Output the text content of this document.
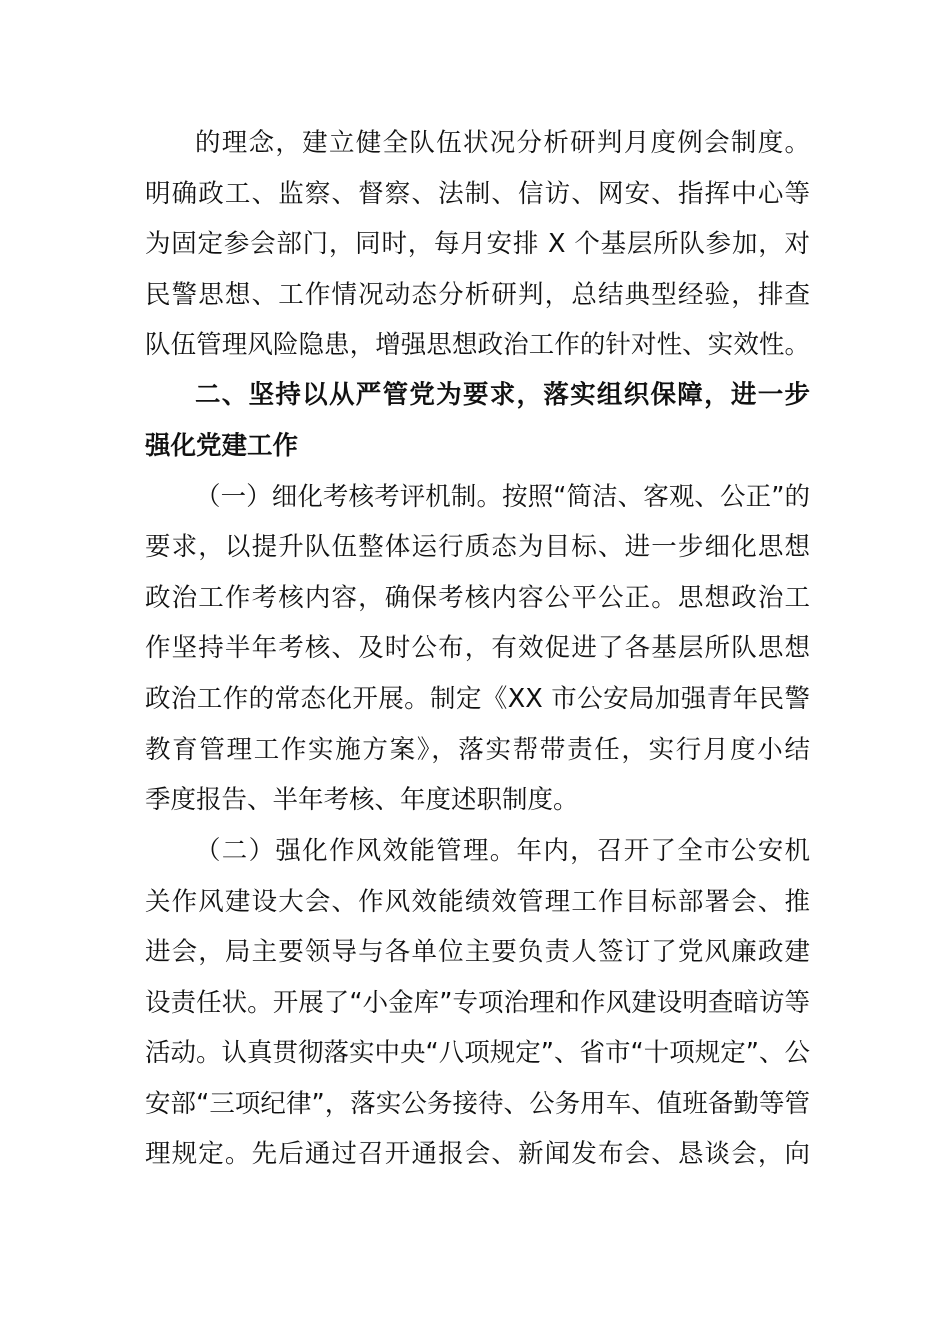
的理念，建立健全队伍状况分析研判月度例会制度。
明确政工、监察、督察、法制、信访、网安、指挥中心等
为固定参会部门，同时，每月安排 X 个基层所队参加，对
民警思想、工作情况动态分析研判，总结典型经验，排查
队伍管理风险隐患，增强思想政治工作的针对性、实效性。
二、坚持以从严管党为要求，落实组织保障，进一步
强化党建工作
（一）细化考核考评机制。按照“简洁、客观、公正”的
要求，以提升队伍整体运行质态为目标、进一步细化思想
政治工作考核内容，确保考核内容公平公正。思想政治工
作坚持半年考核、及时公布，有效促进了各基层所队思想
政治工作的常态化开展。制定《XX 市公安局加强青年民警
教育管理工作实施方案》，落实帮带责任，实行月度小结
季度报告、半年考核、年度述职制度。
（二）强化作风效能管理。年内，召开了全市公安机
关作风建设大会、作风效能绩效管理工作目标部署会、推
进会，局主要领导与各单位主要负责人签订了党风廉政建
设责任状。开展了“小金库”专项治理和作风建设明查暗访等
活动。认真贯彻落实中央“八项规定”、省市“十项规定”、公
安部“三项纪律”，落实公务接待、公务用车、值班备勤等管
理规定。先后通过召开通报会、新闻发布会、恳谈会，向
